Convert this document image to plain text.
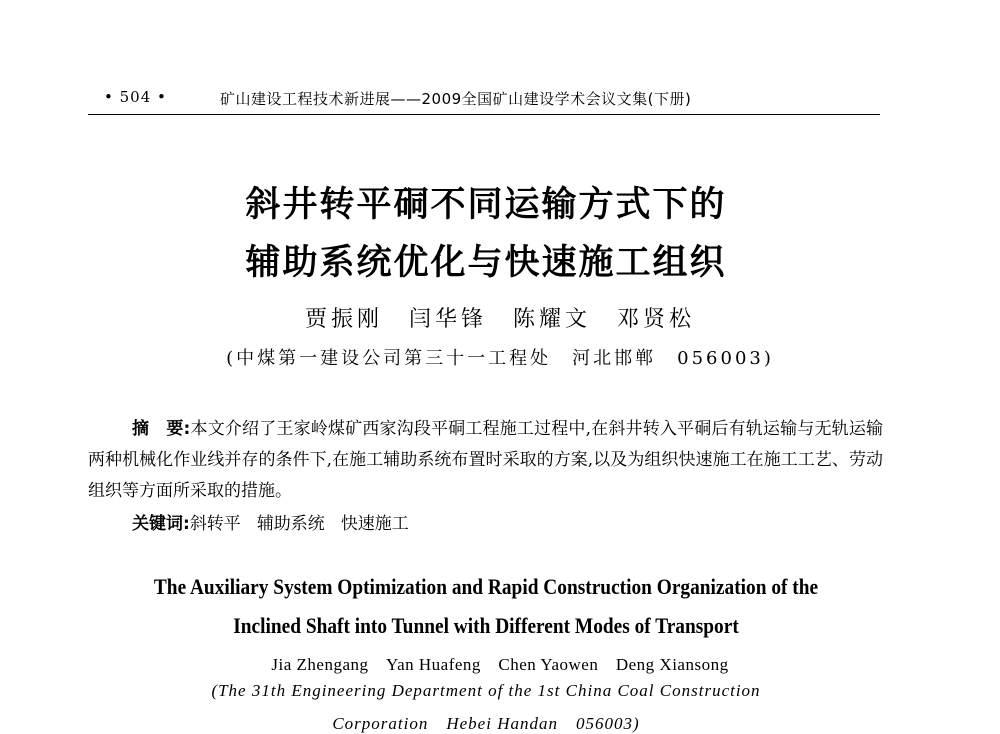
• 504 •	矿山建设工程技术新进展——2009全国矿山建设学术会议文集(下册)
斜井转平硐不同运输方式下的
辅助系统优化与快速施工组织
贾振刚　闫华锋　陈耀文　邓贤松
(中煤第一建设公司第三十一工程处　河北邯郸　056003)
摘　要:本文介绍了王家岭煤矿西家沟段平硐工程施工过程中,在斜井转入平硐后有轨运输与无轨运输两种机械化作业线并存的条件下,在施工辅助系统布置时采取的方案,以及为组织快速施工在施工工艺、劳动组织等方面所采取的措施。
关键词:斜转平 辅助系统 快速施工
The Auxiliary System Optimization and Rapid Construction Organization of the
Inclined Shaft into Tunnel with Different Modes of Transport
Jia Zhengang　Yan Huafeng　Chen Yaowen　Deng Xiansong
(The 31th Engineering Department of the 1st China Coal Construction
Corporation　Hebei Handan　056003)
